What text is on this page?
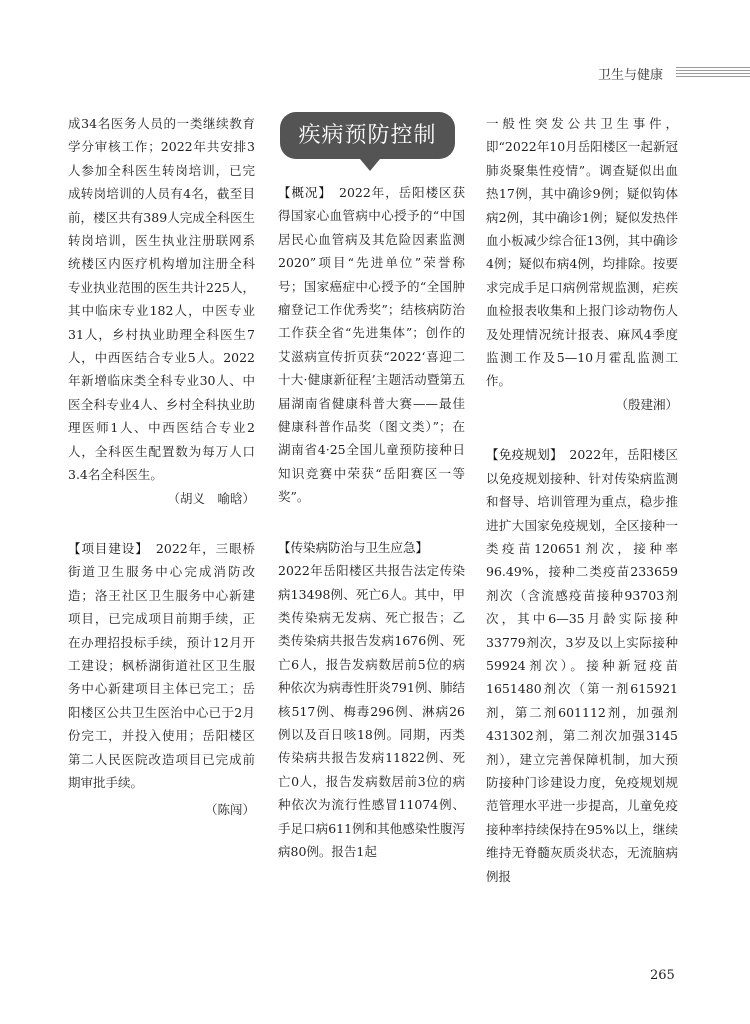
卫生与健康

成34名医务人员的一类继续教育学分审核工作；2022年共安排3人参加全科医生转岗培训，已完成转岗培训的人员有4名，截至目前，楼区共有389人完成全科医生转岗培训，医生执业注册联网系统楼区内医疗机构增加注册全科专业执业范围的医生共计225人，其中临床专业182人，中医专业31人，乡村执业助理全科医生7人，中西医结合专业5人。2022年新增临床类全科专业30人、中医全科专业4人、乡村全科执业助理医师1人、中西医结合专业2人，全科医生配置数为每万人口3.4名全科医生。

（胡义　喻晗）

【项目建设】　2022年，三眼桥街道卫生服务中心完成消防改造；洛王社区卫生服务中心新建项目，已完成项目前期手续，正在办理招投标手续，预计12月开工建设；枫桥湖街道社区卫生服务中心新建项目主体已完工；岳阳楼区公共卫生医治中心已于2月份完工，并投入使用；岳阳楼区第二人民医院改造项目已完成前期审批手续。

（陈闯）

疾病预防控制

【概况】　2022年，岳阳楼区获得国家心血管病中心授予的“中国居民心血管病及其危险因素监测2020”项目“先进单位”荣誉称号；国家癌症中心授予的“全国肿瘤登记工作优秀奖”；结核病防治工作获全省“先进集体”；创作的艾滋病宣传折页获“2022‘喜迎二十大·健康新征程’主题活动暨第五届湖南省健康科普大赛——最佳健康科普作品奖（图文类）”；在湖南省4·25全国儿童预防接种日知识竞赛中荣获“岳阳赛区一等奖”。

【传染病防治与卫生应急】

2022年岳阳楼区共报告法定传染病13498例、死亡6人。其中，甲类传染病无发病、死亡报告；乙类传染病共报告发病1676例、死亡6人，报告发病数居前5位的病种依次为病毒性肝炎791例、肺结核517例、梅毒296例、淋病26例以及百日咳18例。同期，丙类传染病共报告发病11822例、死亡0人，报告发病数居前3位的病种依次为流行性感冒11074例、手足口病611例和其他感染性腹泻病80例。报告1起

一般性突发公共卫生事件，即“2022年10月岳阳楼区一起新冠肺炎聚集性疫情”。调查疑似出血热17例，其中确诊9例；疑似钩体病2例，其中确诊1例；疑似发热伴血小板减少综合征13例，其中确诊4例；疑似布病4例，均排除。按要求完成手足口病例常规监测，疟疾血检报表收集和上报门诊动物伤人及处理情况统计报表、麻风4季度监测工作及5—10月霍乱监测工作。

（殷建湘）

【免疫规划】　2022年，岳阳楼区以免疫规划接种、针对传染病监测和督导、培训管理为重点，稳步推进扩大国家免疫规划，全区接种一类疫苗120651剂次，接种率96.49%，接种二类疫苗233659剂次（含流感疫苗接种93703剂次，其中6—35月龄实际接种33779剂次，3岁及以上实际接种59924剂次）。接种新冠疫苗1651480剂次（第一剂615921剂，第二剂601112剂，加强剂431302剂，第二剂次加强3145剂），建立完善保障机制，加大预防接种门诊建设力度，免疫规划规范管理水平进一步提高，儿童免疫接种率持续保持在95%以上，继续维持无脊髓灰质炎状态，无流脑病例报

265
